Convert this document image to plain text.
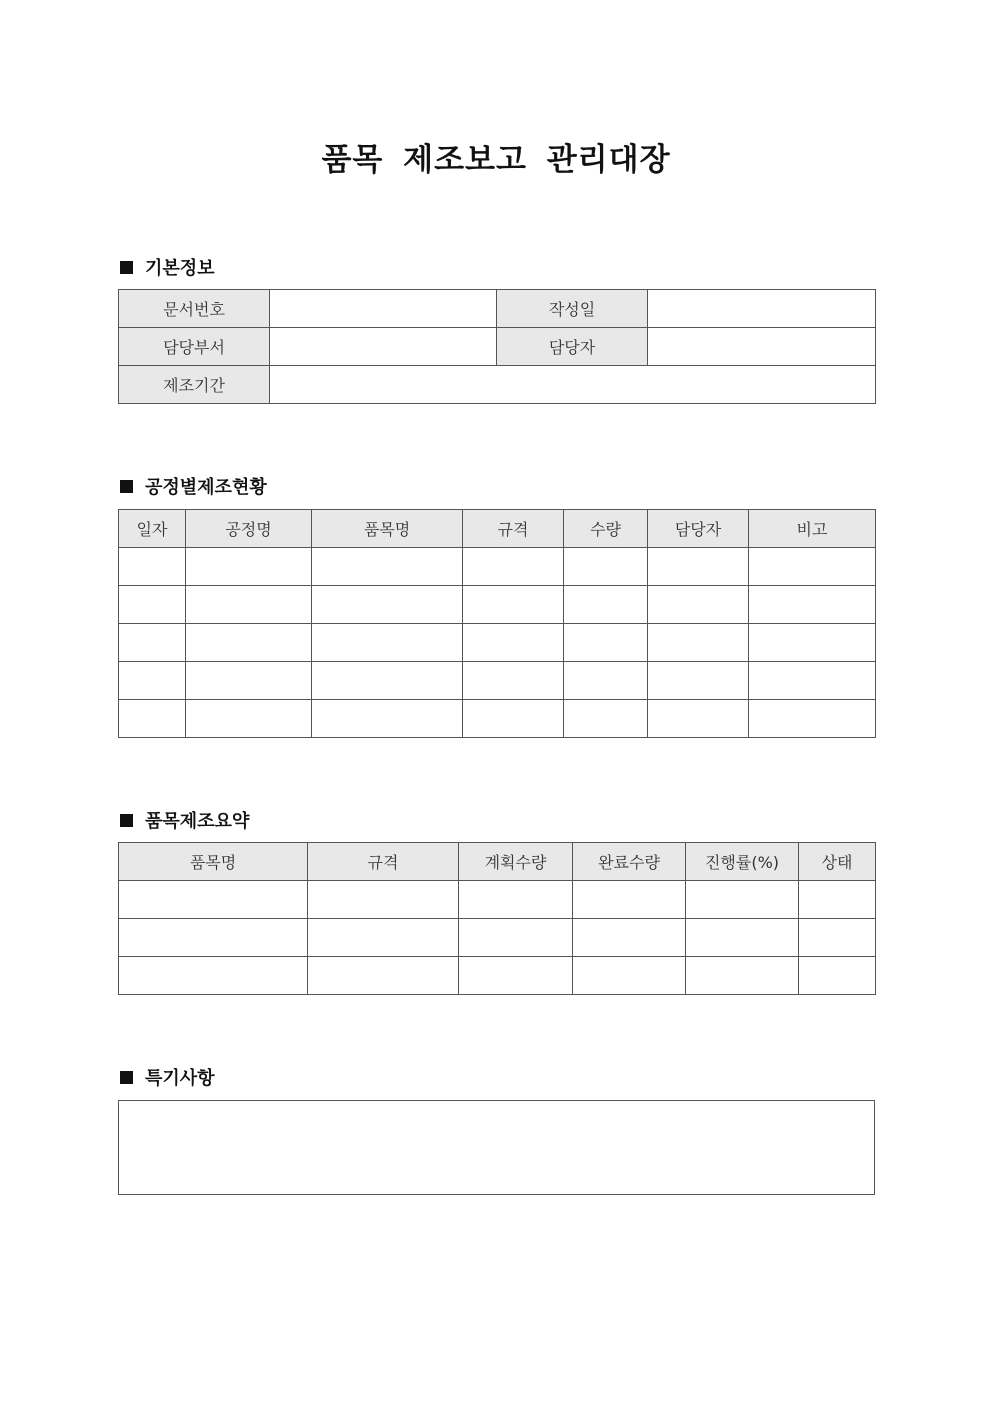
품목 제조보고 관리대장
기본정보
문서번호		작성일	
담당부서		담당자	
제조기간			
공정별제조현황
일자	공정명	품목명	규격	수량	담당자	비고

품목제조요약
품목명	규격	계획수량	완료수량	진행률(%)	상태

특기사항
